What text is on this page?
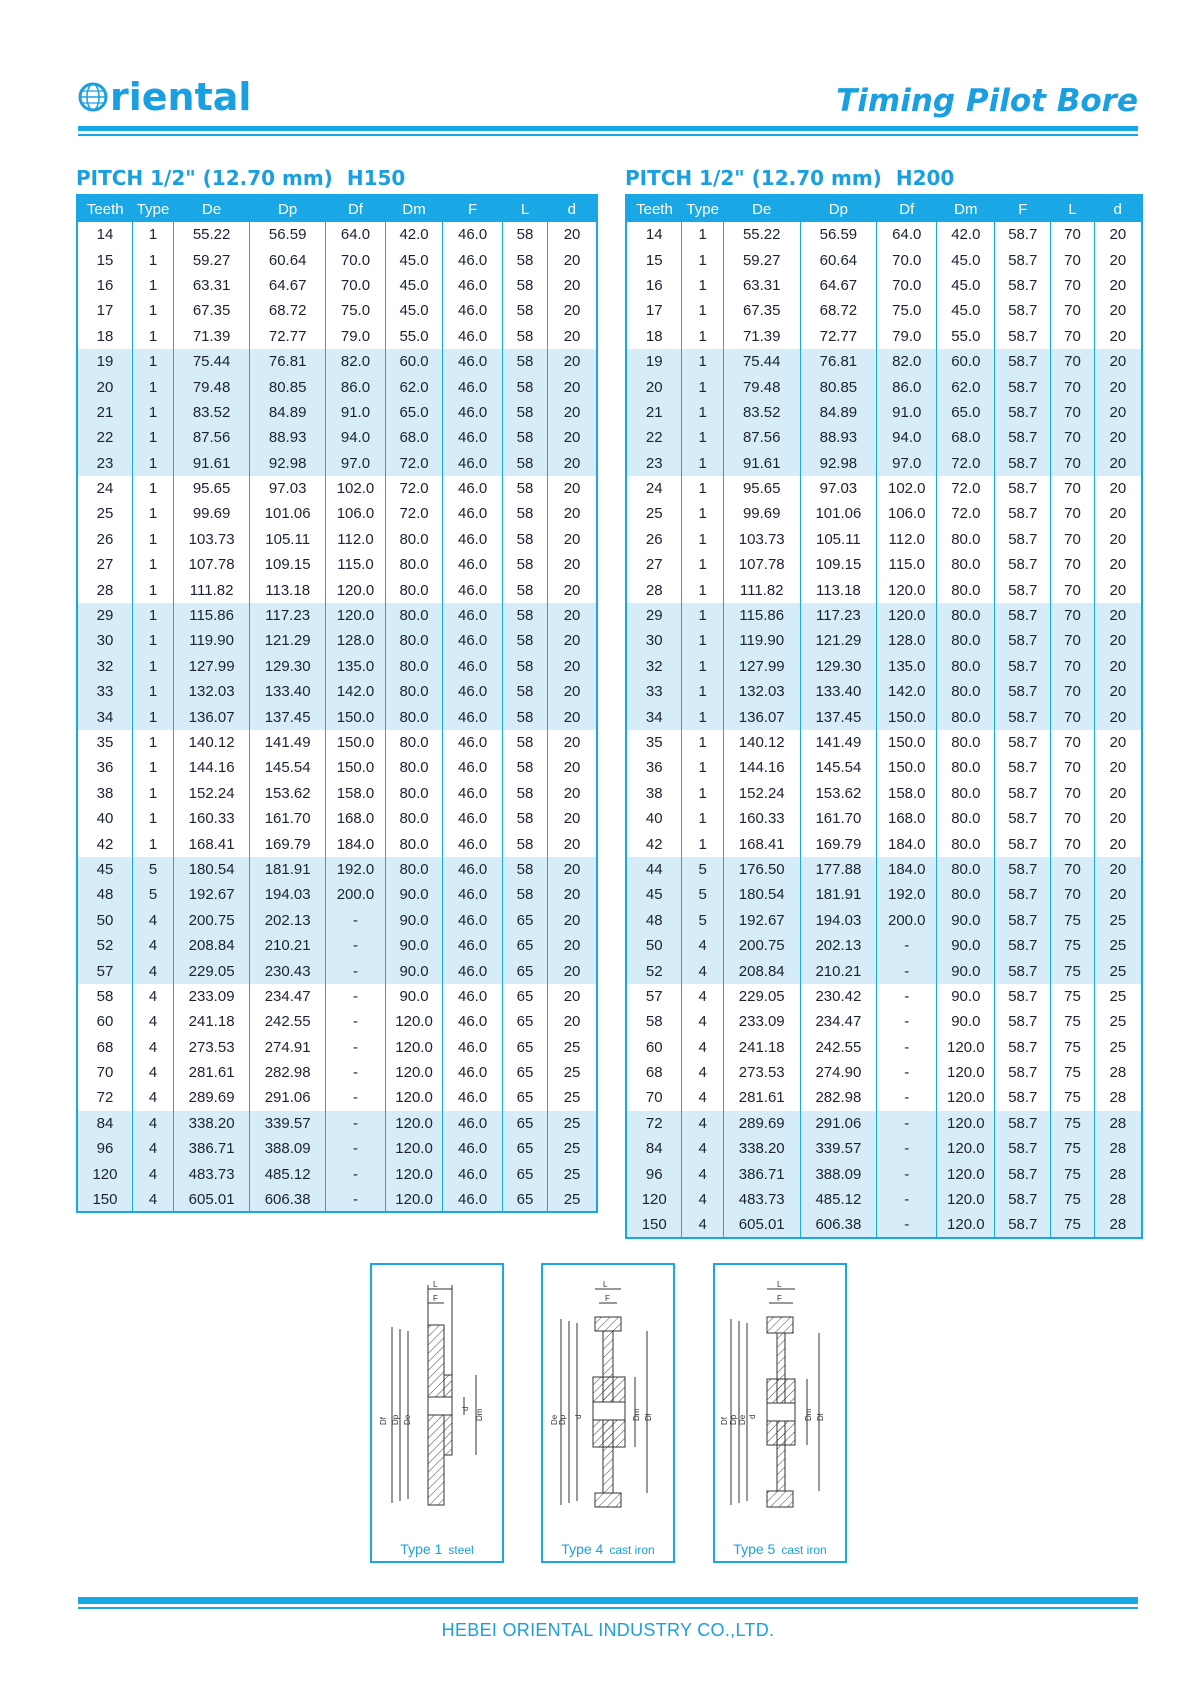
riental	Timing Pilot Bore
PITCH 1/2" (12.70 mm) H150
Teeth	Type	De	Dp	Df	Dm	F	L	d
14	1	55.22	56.59	64.0	42.0	46.0	58	20
15	1	59.27	60.64	70.0	45.0	46.0	58	20
16	1	63.31	64.67	70.0	45.0	46.0	58	20
17	1	67.35	68.72	75.0	45.0	46.0	58	20
18	1	71.39	72.77	79.0	55.0	46.0	58	20
19	1	75.44	76.81	82.0	60.0	46.0	58	20
20	1	79.48	80.85	86.0	62.0	46.0	58	20
21	1	83.52	84.89	91.0	65.0	46.0	58	20
22	1	87.56	88.93	94.0	68.0	46.0	58	20
23	1	91.61	92.98	97.0	72.0	46.0	58	20
24	1	95.65	97.03	102.0	72.0	46.0	58	20
25	1	99.69	101.06	106.0	72.0	46.0	58	20
26	1	103.73	105.11	112.0	80.0	46.0	58	20
27	1	107.78	109.15	115.0	80.0	46.0	58	20
28	1	111.82	113.18	120.0	80.0	46.0	58	20
29	1	115.86	117.23	120.0	80.0	46.0	58	20
30	1	119.90	121.29	128.0	80.0	46.0	58	20
32	1	127.99	129.30	135.0	80.0	46.0	58	20
33	1	132.03	133.40	142.0	80.0	46.0	58	20
34	1	136.07	137.45	150.0	80.0	46.0	58	20
35	1	140.12	141.49	150.0	80.0	46.0	58	20
36	1	144.16	145.54	150.0	80.0	46.0	58	20
38	1	152.24	153.62	158.0	80.0	46.0	58	20
40	1	160.33	161.70	168.0	80.0	46.0	58	20
42	1	168.41	169.79	184.0	80.0	46.0	58	20
45	5	180.54	181.91	192.0	80.0	46.0	58	20
48	5	192.67	194.03	200.0	90.0	46.0	58	20
50	4	200.75	202.13	-	90.0	46.0	65	20
52	4	208.84	210.21	-	90.0	46.0	65	20
57	4	229.05	230.43	-	90.0	46.0	65	20
58	4	233.09	234.47	-	90.0	46.0	65	20
60	4	241.18	242.55	-	120.0	46.0	65	20
68	4	273.53	274.91	-	120.0	46.0	65	25
70	4	281.61	282.98	-	120.0	46.0	65	25
72	4	289.69	291.06	-	120.0	46.0	65	25
84	4	338.20	339.57	-	120.0	46.0	65	25
96	4	386.71	388.09	-	120.0	46.0	65	25
120	4	483.73	485.12	-	120.0	46.0	65	25
150	4	605.01	606.38	-	120.0	46.0	65	25
PITCH 1/2" (12.70 mm) H200
Teeth	Type	De	Dp	Df	Dm	F	L	d
14	1	55.22	56.59	64.0	42.0	58.7	70	20
15	1	59.27	60.64	70.0	45.0	58.7	70	20
16	1	63.31	64.67	70.0	45.0	58.7	70	20
17	1	67.35	68.72	75.0	45.0	58.7	70	20
18	1	71.39	72.77	79.0	55.0	58.7	70	20
19	1	75.44	76.81	82.0	60.0	58.7	70	20
20	1	79.48	80.85	86.0	62.0	58.7	70	20
21	1	83.52	84.89	91.0	65.0	58.7	70	20
22	1	87.56	88.93	94.0	68.0	58.7	70	20
23	1	91.61	92.98	97.0	72.0	58.7	70	20
24	1	95.65	97.03	102.0	72.0	58.7	70	20
25	1	99.69	101.06	106.0	72.0	58.7	70	20
26	1	103.73	105.11	112.0	80.0	58.7	70	20
27	1	107.78	109.15	115.0	80.0	58.7	70	20
28	1	111.82	113.18	120.0	80.0	58.7	70	20
29	1	115.86	117.23	120.0	80.0	58.7	70	20
30	1	119.90	121.29	128.0	80.0	58.7	70	20
32	1	127.99	129.30	135.0	80.0	58.7	70	20
33	1	132.03	133.40	142.0	80.0	58.7	70	20
34	1	136.07	137.45	150.0	80.0	58.7	70	20
35	1	140.12	141.49	150.0	80.0	58.7	70	20
36	1	144.16	145.54	150.0	80.0	58.7	70	20
38	1	152.24	153.62	158.0	80.0	58.7	70	20
40	1	160.33	161.70	168.0	80.0	58.7	70	20
42	1	168.41	169.79	184.0	80.0	58.7	70	20
44	5	176.50	177.88	184.0	80.0	58.7	70	20
45	5	180.54	181.91	192.0	80.0	58.7	70	20
48	5	192.67	194.03	200.0	90.0	58.7	75	25
50	4	200.75	202.13	-	90.0	58.7	75	25
52	4	208.84	210.21	-	90.0	58.7	75	25
57	4	229.05	230.42	-	90.0	58.7	75	25
58	4	233.09	234.47	-	90.0	58.7	75	25
60	4	241.18	242.55	-	120.0	58.7	75	25
68	4	273.53	274.90	-	120.0	58.7	75	28
70	4	281.61	282.98	-	120.0	58.7	75	28
72	4	289.69	291.06	-	120.0	58.7	75	28
84	4	338.20	339.57	-	120.0	58.7	75	28
96	4	386.71	388.09	-	120.0	58.7	75	28
120	4	483.73	485.12	-	120.0	58.7	75	28
150	4	605.01	606.38	-	120.0	58.7	75	28
L
F
Df Dp De
d Dm
Type 1 steel
L
F
De Dp d	Dm Dl
Type 4 cast iron
L
F
Df Dp De d	Dm Dl
Type 5 cast iron
HEBEI ORIENTAL INDUSTRY CO.,LTD.
